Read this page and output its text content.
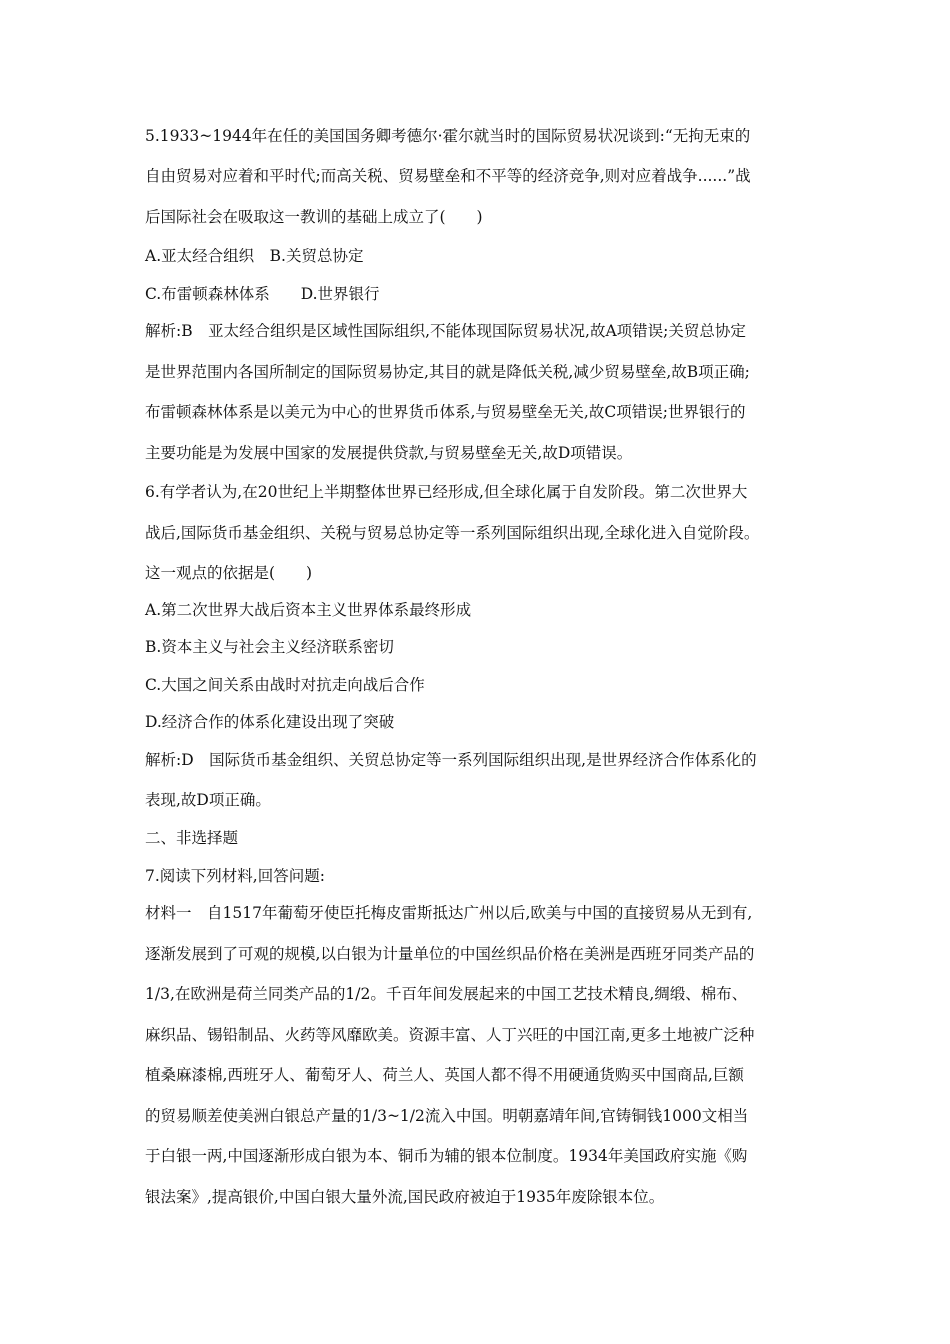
5.1933~1944年在任的美国国务卿考德尔·霍尔就当时的国际贸易状况谈到:“无拘无束的

自由贸易对应着和平时代;而高关税、贸易壁垒和不平等的经济竞争,则对应着战争......”战

后国际社会在吸取这一教训的基础上成立了(　　)

A.亚太经合组织　B.关贸总协定

C.布雷顿森林体系　　D.世界银行

解析:B　亚太经合组织是区域性国际组织,不能体现国际贸易状况,故A项错误;关贸总协定

是世界范围内各国所制定的国际贸易协定,其目的就是降低关税,减少贸易壁垒,故B项正确;

布雷顿森林体系是以美元为中心的世界货币体系,与贸易壁垒无关,故C项错误;世界银行的

主要功能是为发展中国家的发展提供贷款,与贸易壁垒无关,故D项错误。

6.有学者认为,在20世纪上半期整体世界已经形成,但全球化属于自发阶段。第二次世界大

战后,国际货币基金组织、关税与贸易总协定等一系列国际组织出现,全球化进入自觉阶段。

这一观点的依据是(　　)

A.第二次世界大战后资本主义世界体系最终形成

B.资本主义与社会主义经济联系密切

C.大国之间关系由战时对抗走向战后合作

D.经济合作的体系化建设出现了突破

解析:D　国际货币基金组织、关贸总协定等一系列国际组织出现,是世界经济合作体系化的

表现,故D项正确。

二、非选择题

7.阅读下列材料,回答问题:

材料一　自1517年葡萄牙使臣托梅皮雷斯抵达广州以后,欧美与中国的直接贸易从无到有,

逐渐发展到了可观的规模,以白银为计量单位的中国丝织品价格在美洲是西班牙同类产品的

1/3,在欧洲是荷兰同类产品的1/2。千百年间发展起来的中国工艺技术精良,绸缎、棉布、

麻织品、锡铅制品、火药等风靡欧美。资源丰富、人丁兴旺的中国江南,更多土地被广泛种

植桑麻漆棉,西班牙人、葡萄牙人、荷兰人、英国人都不得不用硬通货购买中国商品,巨额

的贸易顺差使美洲白银总产量的1/3~1/2流入中国。明朝嘉靖年间,官铸铜钱1000文相当

于白银一两,中国逐渐形成白银为本、铜币为辅的银本位制度。1934年美国政府实施《购

银法案》,提高银价,中国白银大量外流,国民政府被迫于1935年废除银本位。
